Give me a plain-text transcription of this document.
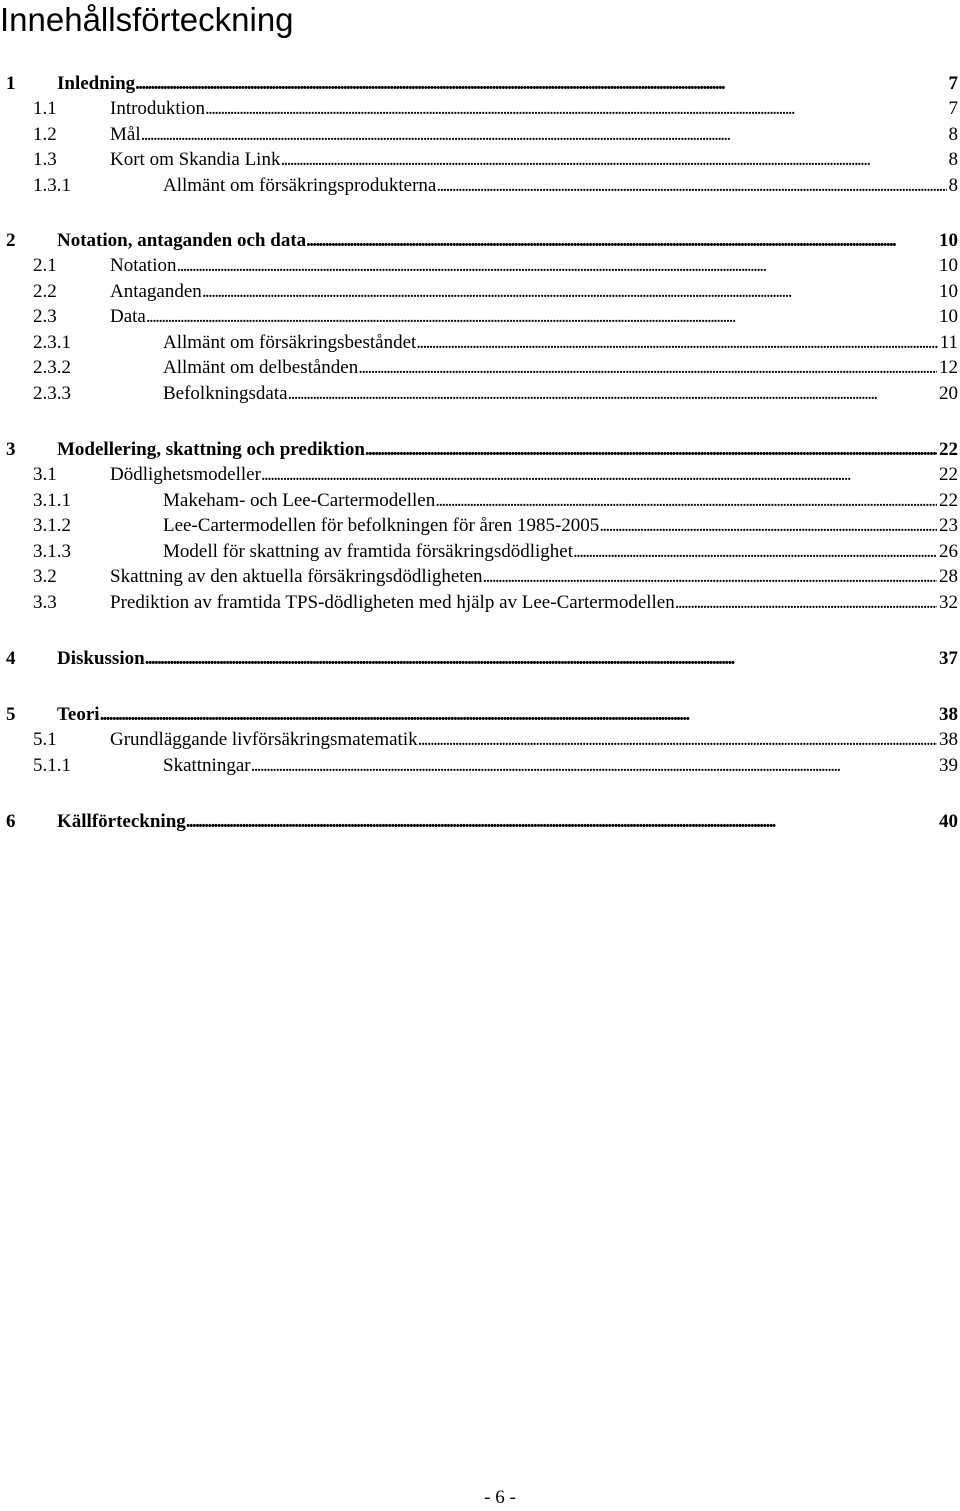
Innehållsförteckning
1 Inledning . . .	7
1.1	Introduktion . . .	7
1.2	Mål . . .	8
1.3	Kort om Skandia Link . . .	8
1.3.1	Allmänt om försäkringsprodukterna . . .	8
2 Notation, antaganden och data . . .	10
2.1	Notation . . .	10
2.2	Antaganden . . .	10
2.3	Data . . .	10
2.3.1	Allmänt om försäkringsbeståndet . . .	11
2.3.2	Allmänt om delbestånden . . .	12
2.3.3	Befolkningsdata . . .	20
3 Modellering, skattning och prediktion . . .	22
3.1	Dödlighetsmodeller . . .	22
3.1.1	Makeham- och Lee-Cartermodellen . . .	22
3.1.2	Lee-Cartermodellen för befolkningen för åren 1985-2005 . . .	23
3.1.3	Modell för skattning av framtida försäkringsdödlighet . . .	26
3.2	Skattning av den aktuella försäkringsdödligheten . . .	28
3.3	Prediktion av framtida TPS-dödligheten med hjälp av Lee-Cartermodellen . . .	32
4 Diskussion . . .	37
5 Teori . . .	38
5.1	Grundläggande livförsäkringsmatematik . . .	38
5.1.1	Skattningar . . .	39
6 Källförteckning . . .	40
- 6 -
